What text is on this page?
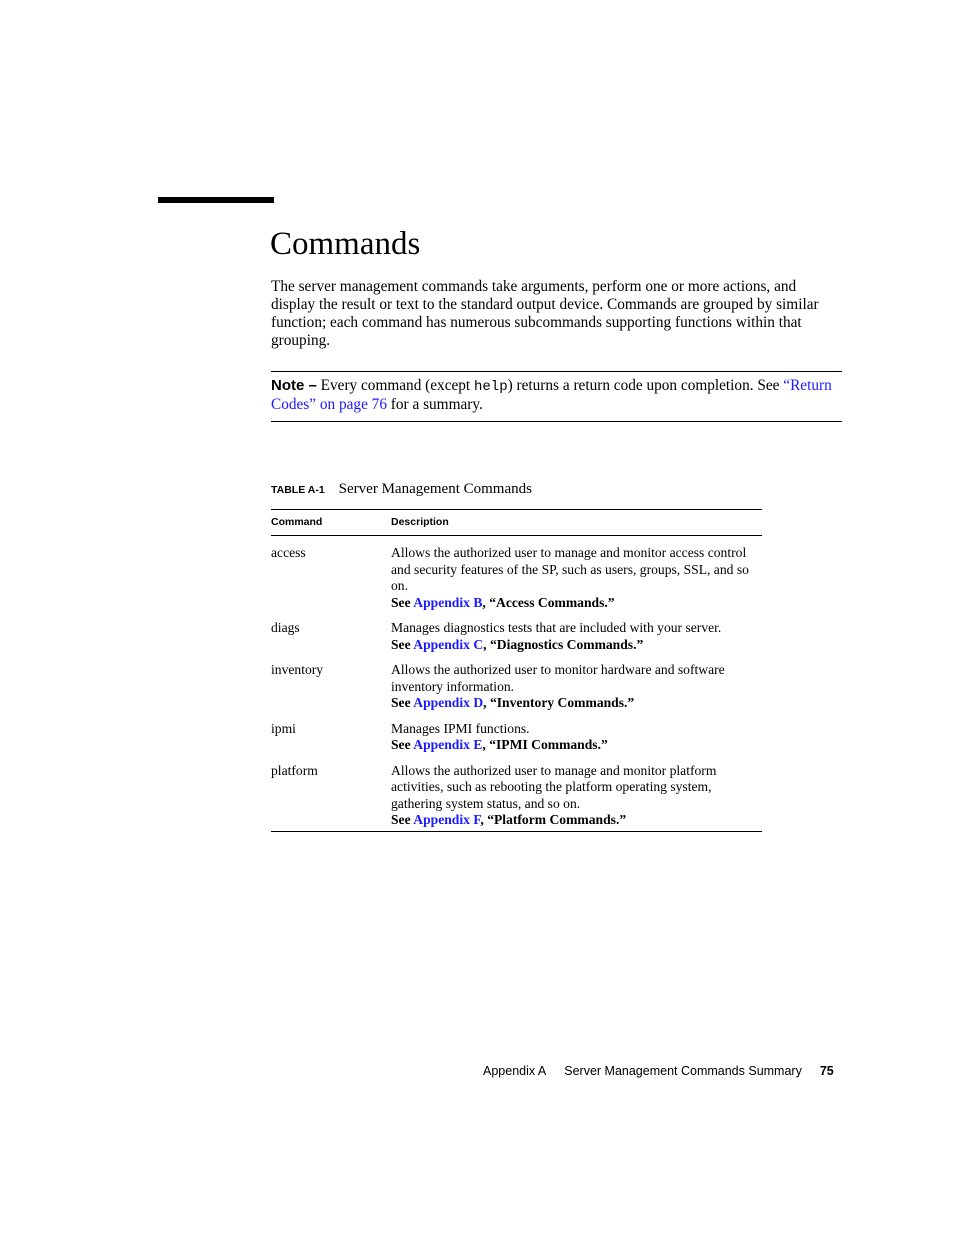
Commands

The server management commands take arguments, perform one or more actions, and display the result or text to the standard output device. Commands are grouped by similar function; each command has numerous subcommands supporting functions within that grouping.

Note – Every command (except help) returns a return code upon completion. See “Return Codes” on page 76 for a summary.
TABLE A-1 Server Management Commands
Command	Description
access	Allows the authorized user to manage and monitor access control and security features of the SP, such as users, groups, SSL, and so on.
See Appendix B, “Access Commands.”

diags	Manages diagnostics tests that are included with your server.
See Appendix C, “Diagnostics Commands.”

inventory	Allows the authorized user to monitor hardware and software inventory information.
See Appendix D, “Inventory Commands.”

ipmi	Manages IPMI functions.
See Appendix E, “IPMI Commands.”

platform	Allows the authorized user to manage and monitor platform activities, such as rebooting the platform operating system, gathering system status, and so on.
See Appendix F, “Platform Commands.”
Appendix A Server Management Commands Summary 75
